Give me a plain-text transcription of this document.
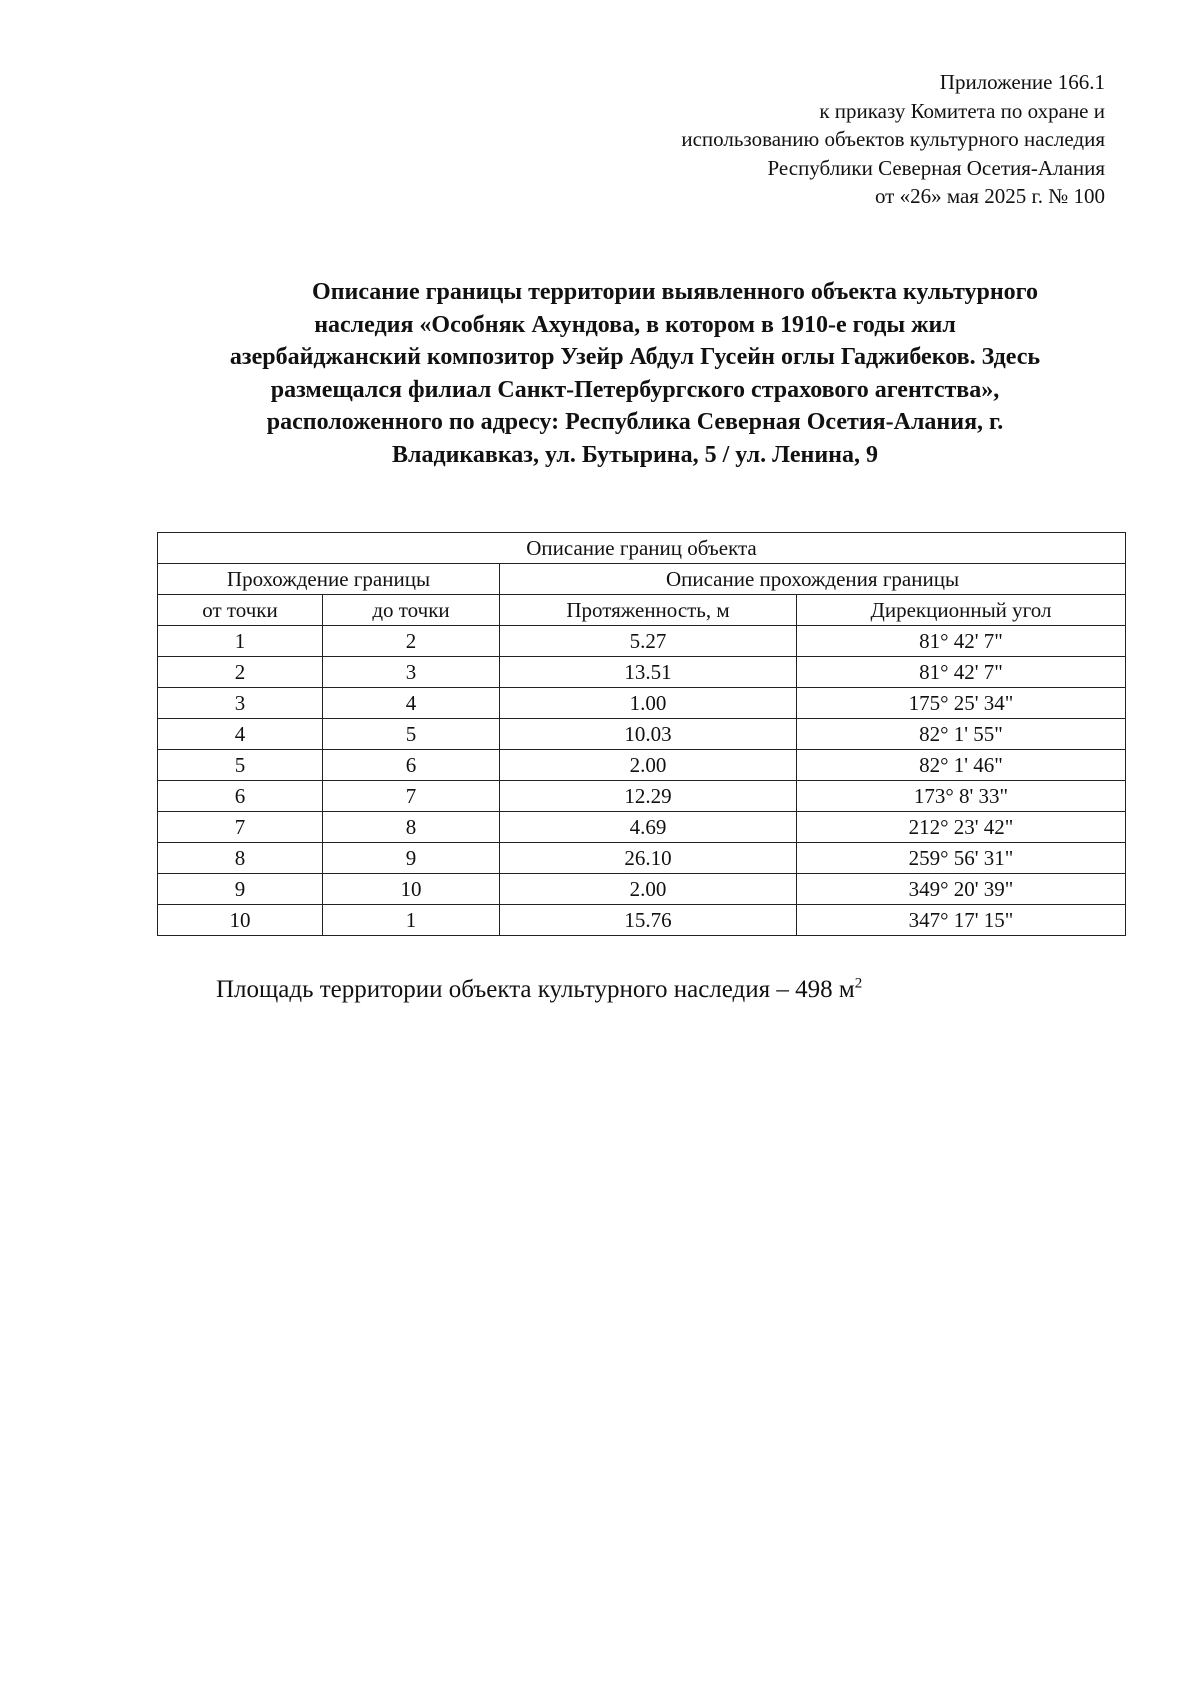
Приложение 166.1
к приказу Комитета по охране и
использованию объектов культурного наследия
Республики Северная Осетия-Алания
от «26» мая 2025 г. № 100
Описание границы территории выявленного объекта культурного
наследия «Особняк Ахундова, в котором в 1910-е годы жил
азербайджанский композитор Узейр Абдул Гусейн оглы Гаджибеков. Здесь
размещался филиал Санкт-Петербургского страхового агентства»,
расположенного по адресу: Республика Северная Осетия-Алания, г.
Владикавказ, ул. Бутырина, 5 / ул. Ленина, 9
Описание границ объекта			
Прохождение границы		Описание прохождения границы	
от точки	до точки	Протяженность, м	Дирекционный угол
1	2	5.27	81° 42' 7"
2	3	13.51	81° 42' 7"
3	4	1.00	175° 25' 34"
4	5	10.03	82° 1' 55"
5	6	2.00	82° 1' 46"
6	7	12.29	173° 8' 33"
7	8	4.69	212° 23' 42"
8	9	26.10	259° 56' 31"
9	10	2.00	349° 20' 39"
10	1	15.76	347° 17' 15"
Площадь территории объекта культурного наследия – 498 $м^2$
